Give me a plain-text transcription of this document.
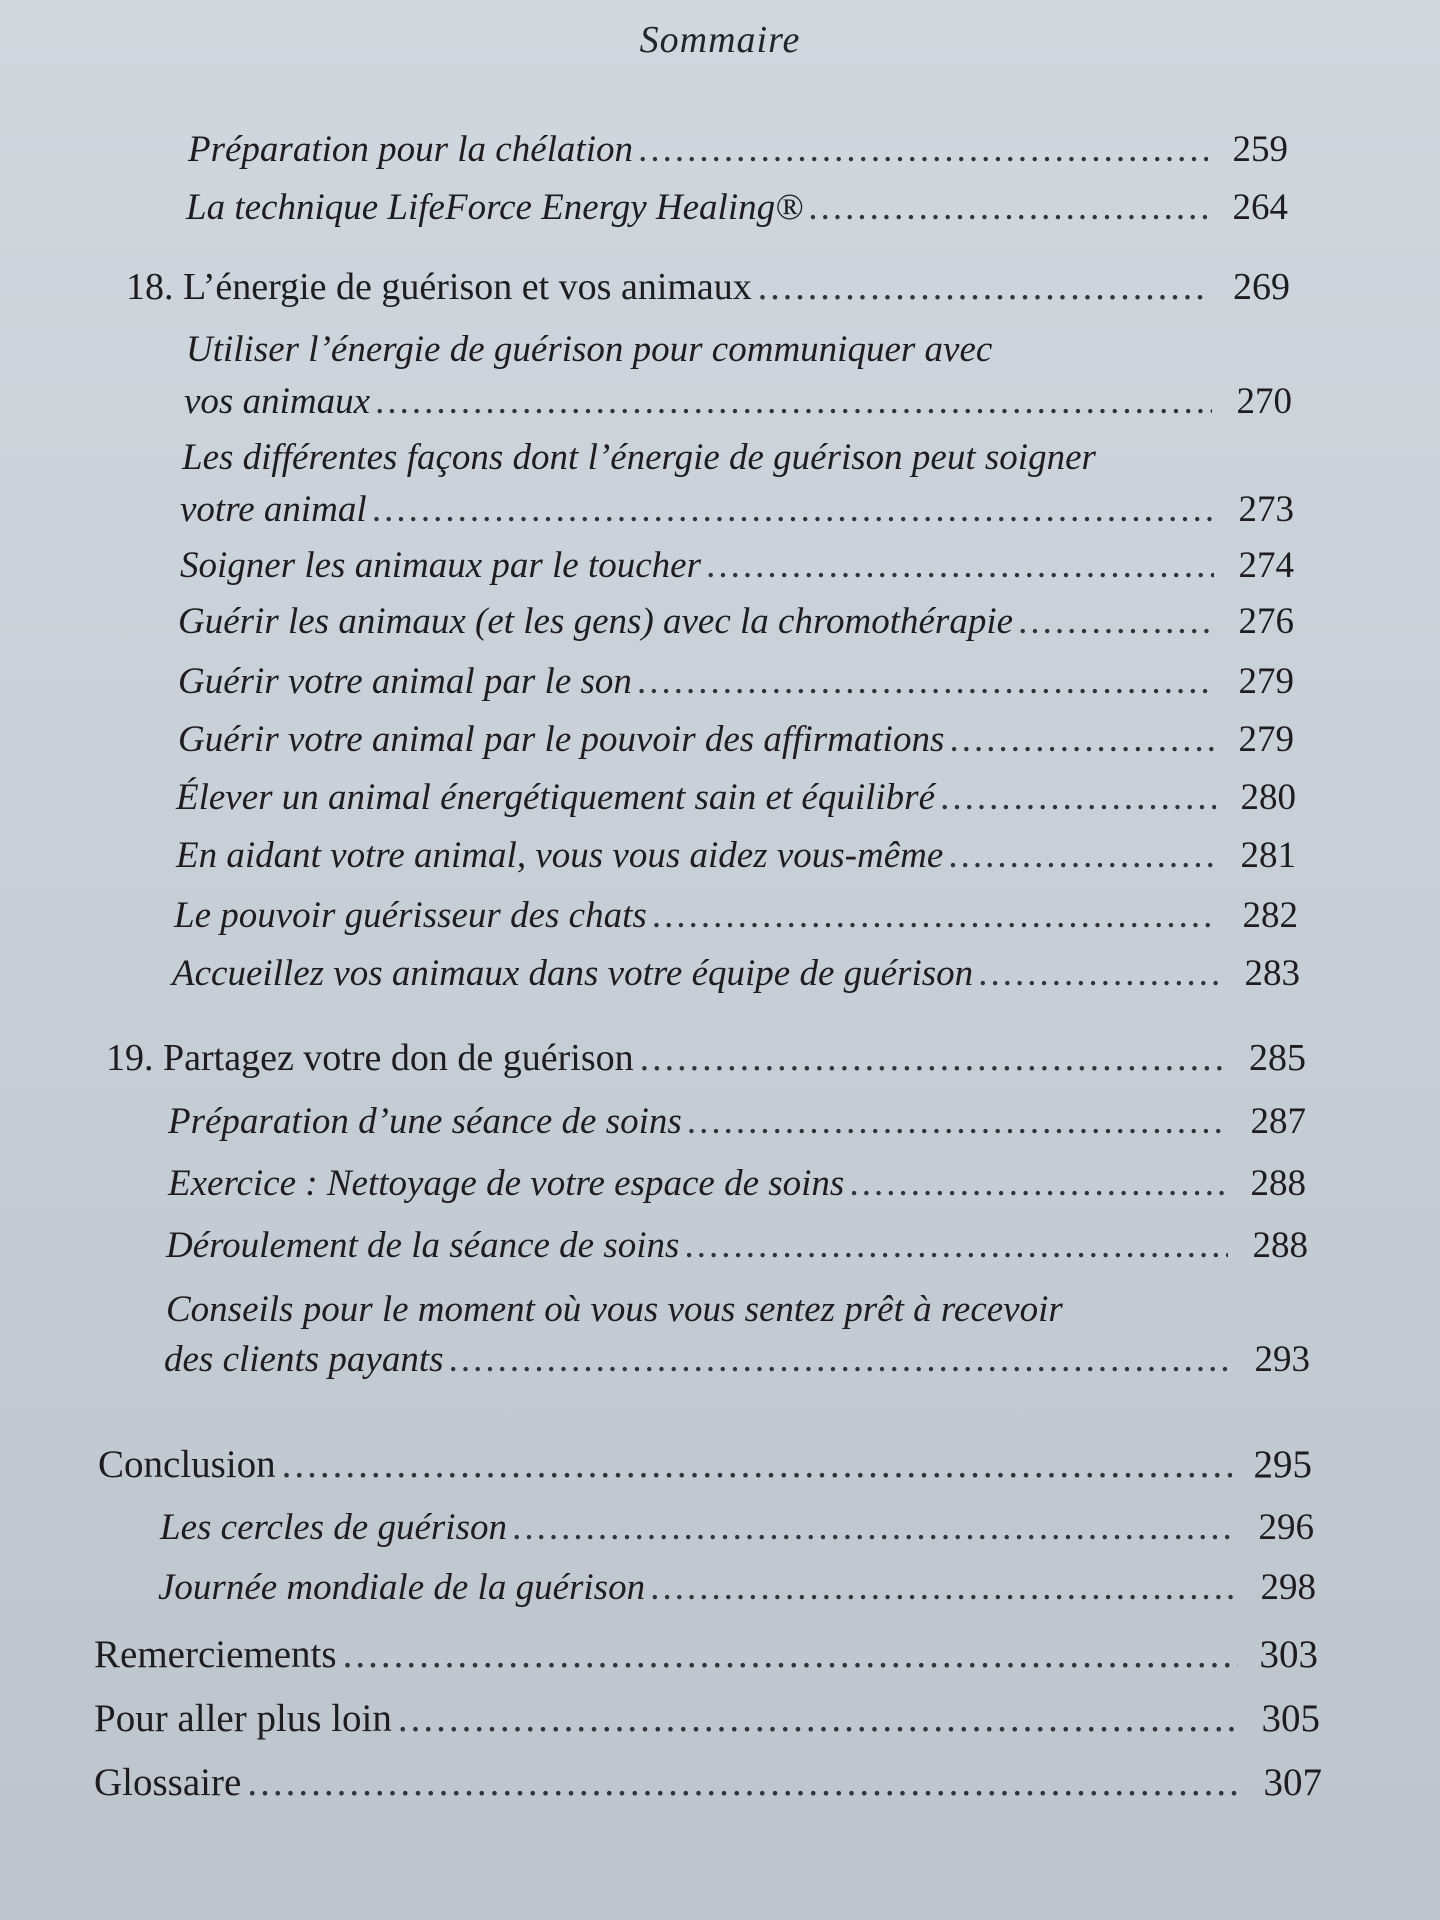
Sommaire
Préparation pour la chélation .....	259
La technique LifeForce Energy Healing® .....	264
18. L’énergie de guérison et vos animaux .....	269
Utiliser l’énergie de guérison pour communiquer avec
vos animaux .....	270
Les différentes façons dont l’énergie de guérison peut soigner
votre animal .....	273
Soigner les animaux par le toucher .....	274
Guérir les animaux (et les gens) avec la chromothérapie .....	276
Guérir votre animal par le son .....	279
Guérir votre animal par le pouvoir des affirmations .....	279
Élever un animal énergétiquement sain et équilibré .....	280
En aidant votre animal, vous vous aidez vous-même .....	281
Le pouvoir guérisseur des chats .....	282
Accueillez vos animaux dans votre équipe de guérison .....	283
19. Partagez votre don de guérison .....	285
Préparation d’une séance de soins .....	287
Exercice : Nettoyage de votre espace de soins .....	288
Déroulement de la séance de soins .....	288
Conseils pour le moment où vous vous sentez prêt à recevoir
des clients payants .....	293
Conclusion .....	295
Les cercles de guérison .....	296
Journée mondiale de la guérison .....	298
Remerciements .....	303
Pour aller plus loin .....	305
Glossaire .....	307
